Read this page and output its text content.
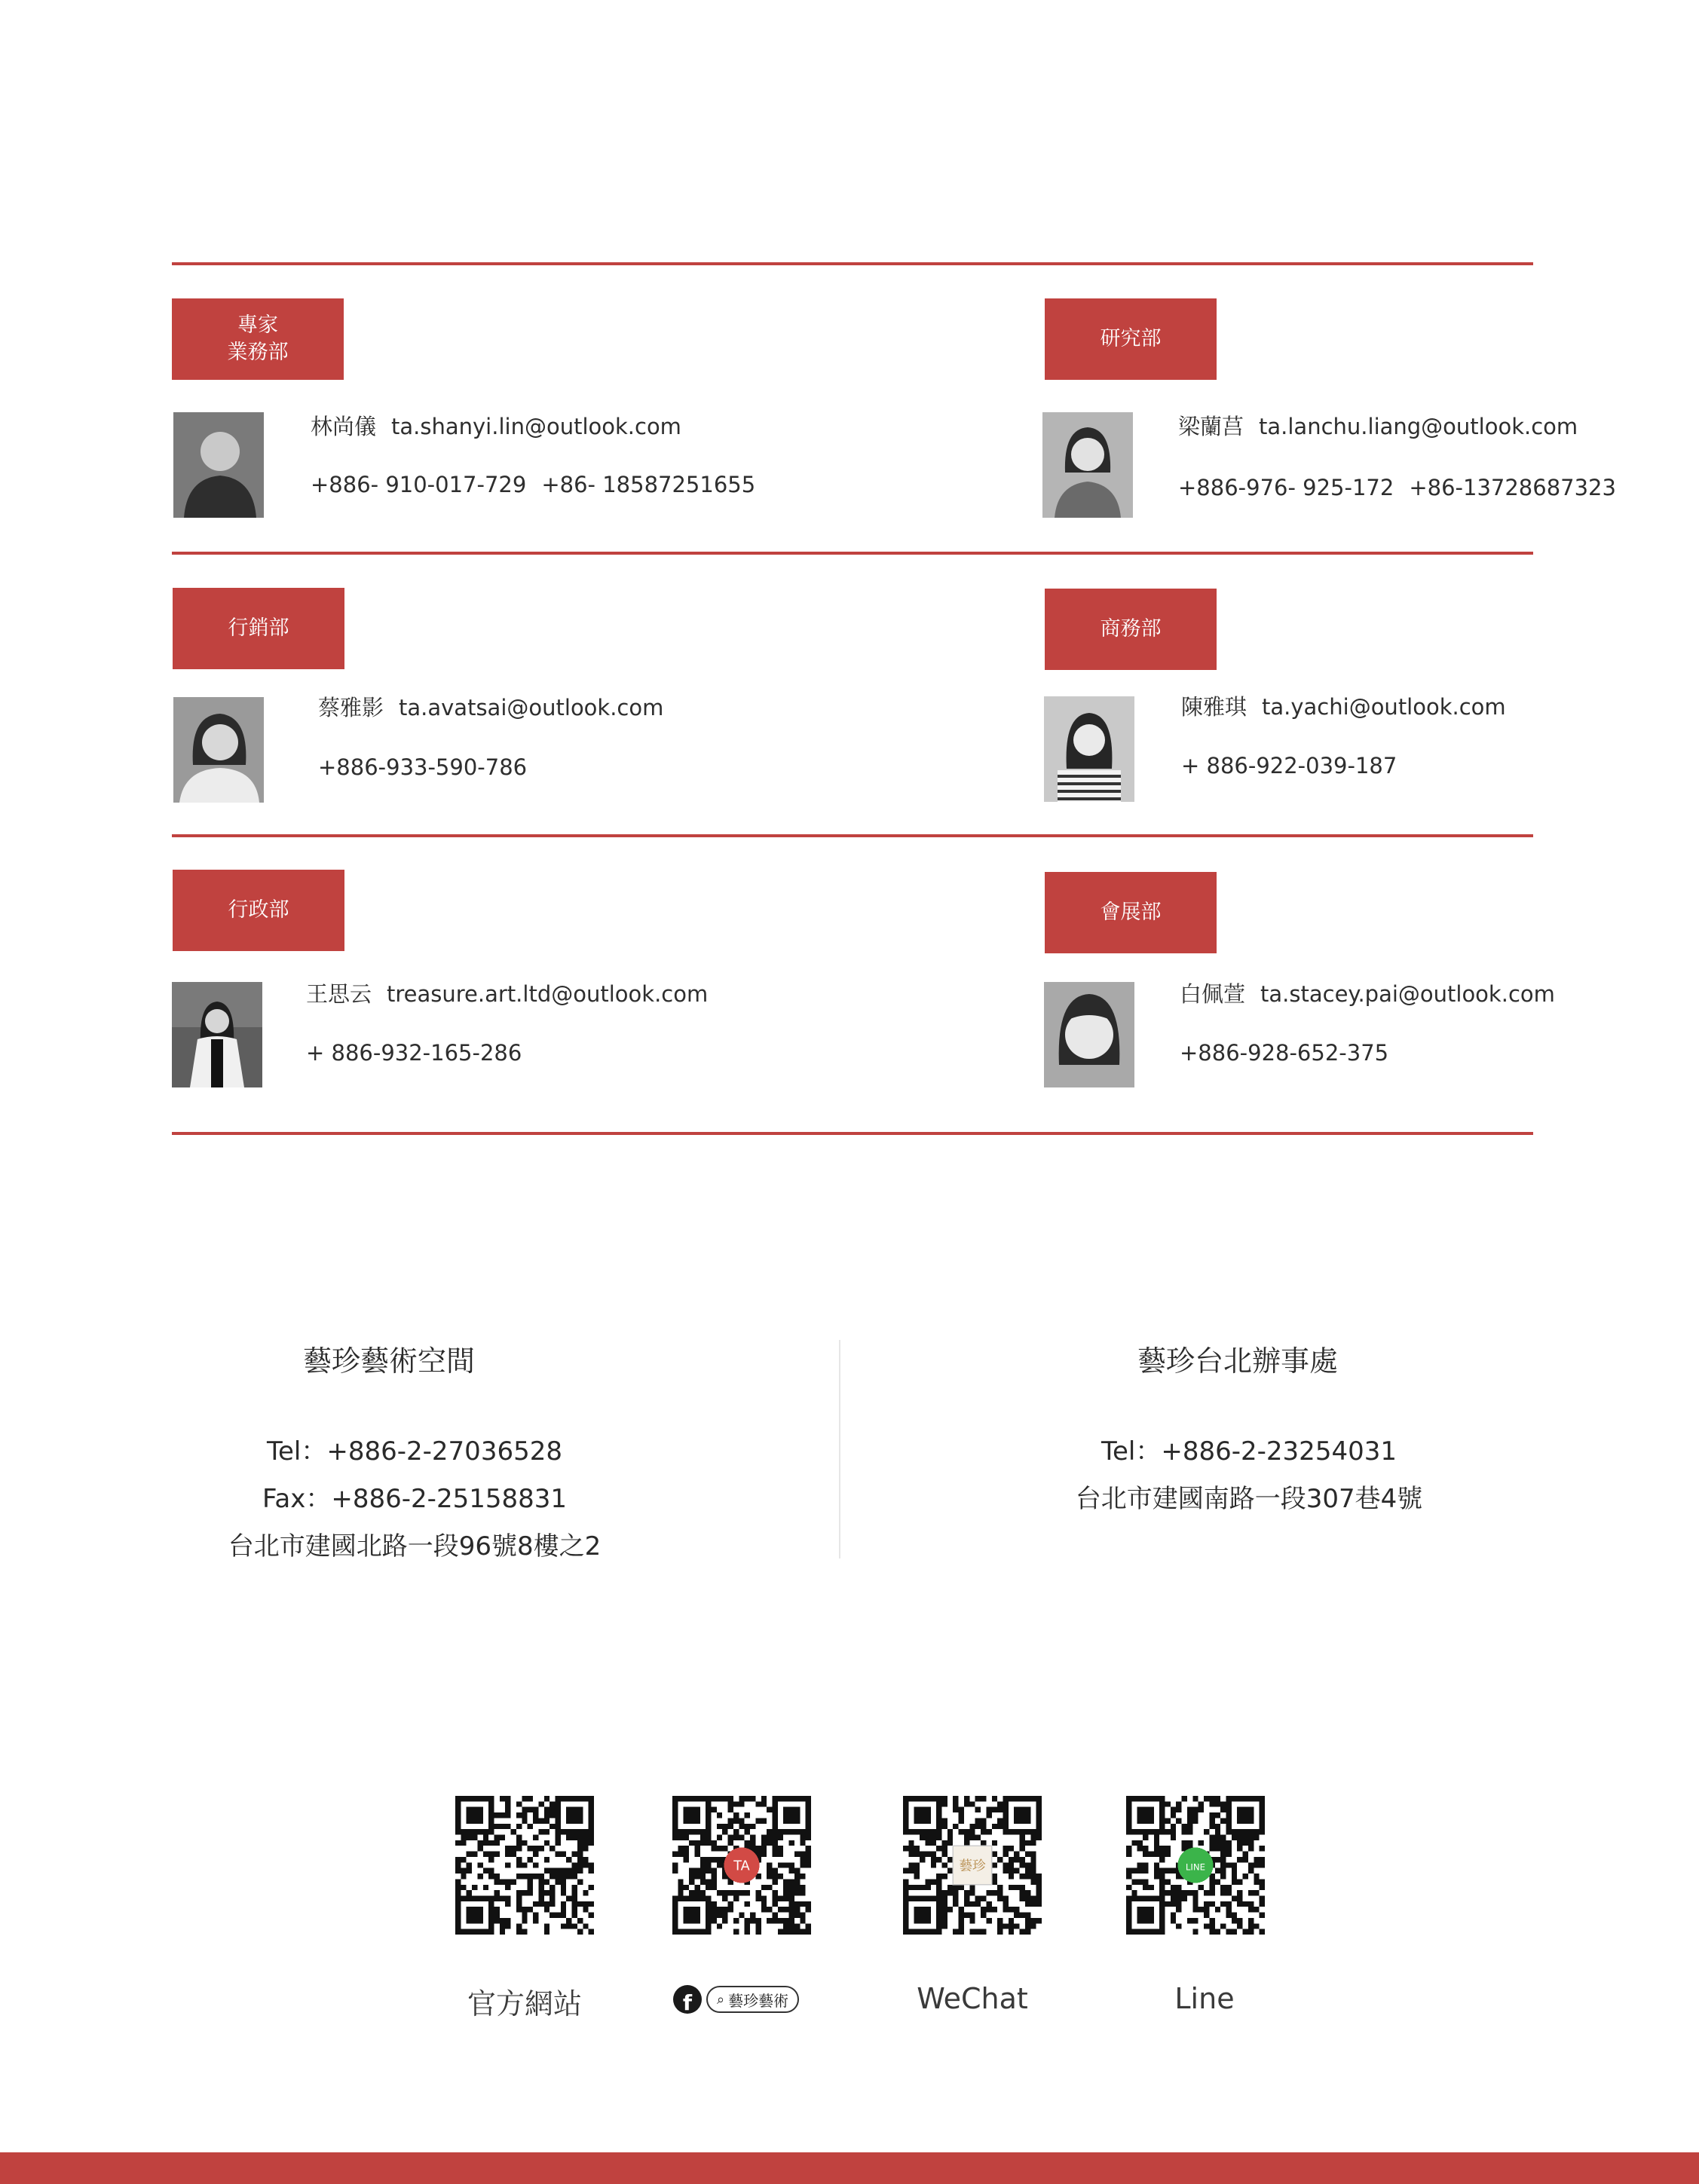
專家
業務部
林尚儀 ta.shanyi.lin@outlook.com
+886- 910-017-729 +86- 18587251655
研究部
梁蘭莒 ta.lanchu.liang@outlook.com
+886-976- 925-172 +86-13728687323
行銷部
蔡雅影 ta.avatsai@outlook.com
+886-933-590-786
商務部
陳雅琪 ta.yachi@outlook.com
+ 886-922-039-187
行政部
王思云 treasure.art.ltd@outlook.com
+ 886-932-165-286
會展部
白佩萱 ta.stacey.pai@outlook.com
+886-928-652-375
藝珍藝術空間
Tel：+886-2-27036528
Fax：+886-2-25158831
台北市建國北路一段96號8樓之2
藝珍台北辦事處
Tel：+886-2-23254031
台北市建國南路一段307巷4號
TA	藝珍	LINE
官方網站	f	⌕ 藝珍藝術	WeChat	Line
